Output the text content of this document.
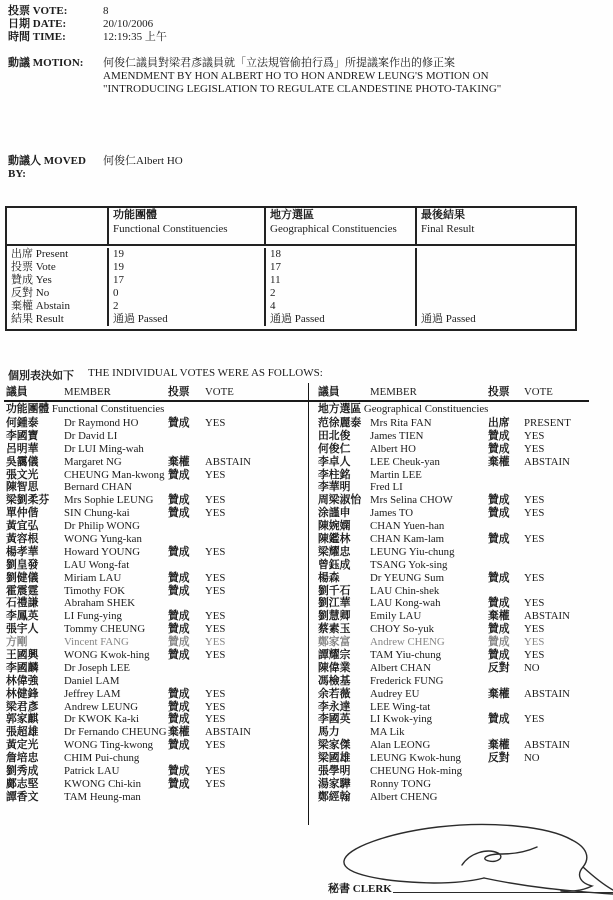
投票 VOTE:	8
日期 DATE:	20/10/2006
時間 TIME:	12:19:35 上午
動議 MOTION: 何俊仁議員對梁君彥議員就「立法規管偷拍行爲」所提議案作出的修正案
AMENDMENT BY HON ALBERT HO TO HON ANDREW LEUNG'S MOTION ON
"INTRODUCING LEGISLATION TO REGULATE CLANDESTINE PHOTO-TAKING"
動議人 MOVED BY:何俊仁Albert HO
功能團體
Functional Constituencies
地方選區
Geographical Constituencies
最後結果
Final Result
出席 Present	19	18
投票 Vote	19	17
贊成 Yes	17	11
反對 No	0	2
棄權 Abstain	2	4
結果 Result	通過 Passed	通過 Passed	通過 Passed
個別表決如下 THE INDIVIDUAL VOTES WERE AS FOLLOWS:
議員	MEMBER	投票	VOTE
功能團體 Functional Constituencies
何鍾泰	Dr Raymond HO	贊成	YES
李國寶	Dr David LI
呂明華	Dr LUI Ming-wah
吳靄儀	Margaret NG	棄權	ABSTAIN
張文光	CHEUNG Man-kwong 贊成	YES
陳智思	Bernard CHAN
梁劉柔芬	Mrs Sophie LEUNG	贊成	YES
單仲偕	SIN Chung-kai	贊成	YES
黃宜弘	Dr Philip WONG
黃容根	WONG Yung-kan
楊孝華	Howard YOUNG	贊成	YES
劉皇發	LAU Wong-fat
劉健儀	Miriam LAU	贊成	YES
霍震霆	Timothy FOK	贊成	YES
石禮謙	Abraham SHEK
李鳳英	LI Fung-ying	贊成	YES
張宇人	Tommy CHEUNG	贊成	YES
方剛	Vincent FANG	贊成	YES
王國興	WONG Kwok-hing	贊成	YES
李國麟	Dr Joseph LEE
林偉強	Daniel LAM
林健鋒	Jeffrey LAM	贊成	YES
梁君彥	Andrew LEUNG	贊成	YES
郭家麒	Dr KWOK Ka-ki	贊成	YES
張超雄	Dr Fernando CHEUNG 棄權	ABSTAIN
黃定光	WONG Ting-kwong	贊成	YES
詹培忠	CHIM Pui-chung
劉秀成	Patrick LAU	贊成	YES
鄺志堅	KWONG Chi-kin	贊成	YES
譚香文	TAM Heung-man
議員	MEMBER	投票	VOTE
地方選區 Geographical Constituencies
范徐麗泰 Mrs Rita FAN	出席	PRESENT
田北俊	James TIEN	贊成	YES
何俊仁	Albert HO	贊成	YES
李卓人	LEE Cheuk-yan	棄權	ABSTAIN
李柱銘	Martin LEE
李華明	Fred LI
周梁淑怡 Mrs Selina CHOW	贊成	YES
涂謹申	James TO	贊成	YES
陳婉嫻	CHAN Yuen-han
陳鑑林	CHAN Kam-lam	贊成	YES
梁耀忠	LEUNG Yiu-chung
曾鈺成	TSANG Yok-sing
楊森	Dr YEUNG Sum	贊成	YES
劉千石	LAU Chin-shek
劉江華	LAU Kong-wah	贊成	YES
劉慧卿	Emily LAU	棄權	ABSTAIN
蔡素玉	CHOY So-yuk	贊成	YES
鄭家富	Andrew CHENG	贊成	YES
譚耀宗	TAM Yiu-chung	贊成	YES
陳偉業	Albert CHAN	反對	NO
馮檢基	Frederick FUNG
余若薇	Audrey EU	棄權	ABSTAIN
李永達	LEE Wing-tat
李國英	LI Kwok-ying	贊成	YES
馬力	MA Lik
梁家傑	Alan LEONG	棄權	ABSTAIN
梁國雄	LEUNG Kwok-hung	反對	NO
張學明	CHEUNG Hok-ming
湯家驊	Ronny TONG
鄭經翰	Albert CHENG
秘書 CLERK
